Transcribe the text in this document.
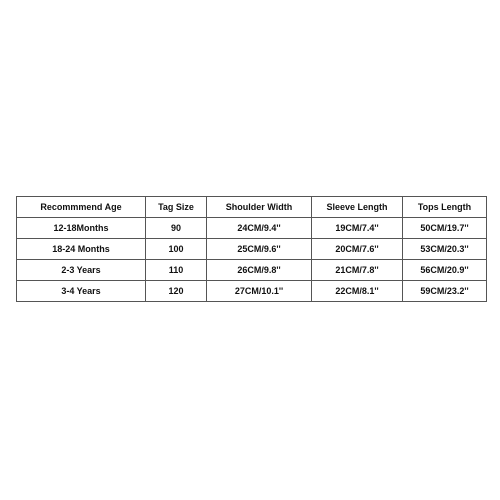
Recommmend Age	Tag Size	Shoulder Width	Sleeve Length	Tops Length
12-18Months	90	24CM/9.4''	19CM/7.4''	50CM/19.7''
18-24 Months	100	25CM/9.6''	20CM/7.6''	53CM/20.3''
2-3 Years	110	26CM/9.8''	21CM/7.8''	56CM/20.9''
3-4 Years	120	27CM/10.1''	22CM/8.1''	59CM/23.2''
